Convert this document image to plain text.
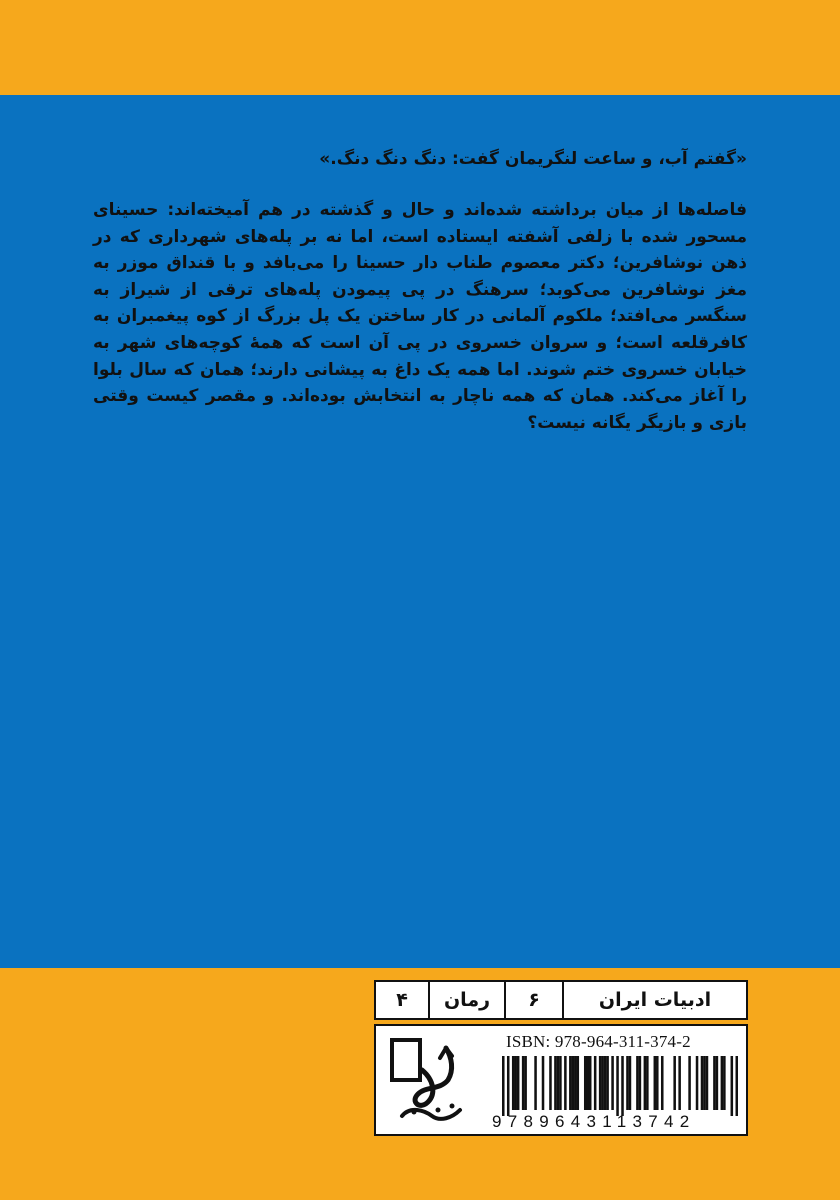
«گفتم آب، و ساعت لنگریمان گفت: دنگ دنگ دنگ.»

فاصله‌ها از میان برداشته شده‌اند و حال و گذشته در هم آمیخته‌اند: حسینای مسحور شده با زلفی آشفته ایستاده است، اما نه بر پله‌های شهرداری که در ذهن نوشافرین؛ دکتر معصوم طناب دار حسینا را می‌بافد و با قنداق موزر به مغز نوشافرین می‌کوبد؛ سرهنگ در پی پیمودن پله‌های ترقی از شیراز به سنگسر می‌افتد؛ ملکوم آلمانی در کار ساختن یک پل بزرگ از کوه پیغمبران به کافرقلعه است؛ و سروان خسروی در پی آن است که همهٔ کوچه‌های شهر به خیابان خسروی ختم شوند. اما همه یک داغ به پیشانی دارند؛ همان که سال بلوا را آغاز می‌کند. همان که همه ناچار به انتخابش بوده‌اند. و مقصر کیست وقتی بازی و بازیگر یگانه نیست؟

۴	رمان	۶	ادبیات ایران
ISBN: 978-964-311-374-2
9789643113742
